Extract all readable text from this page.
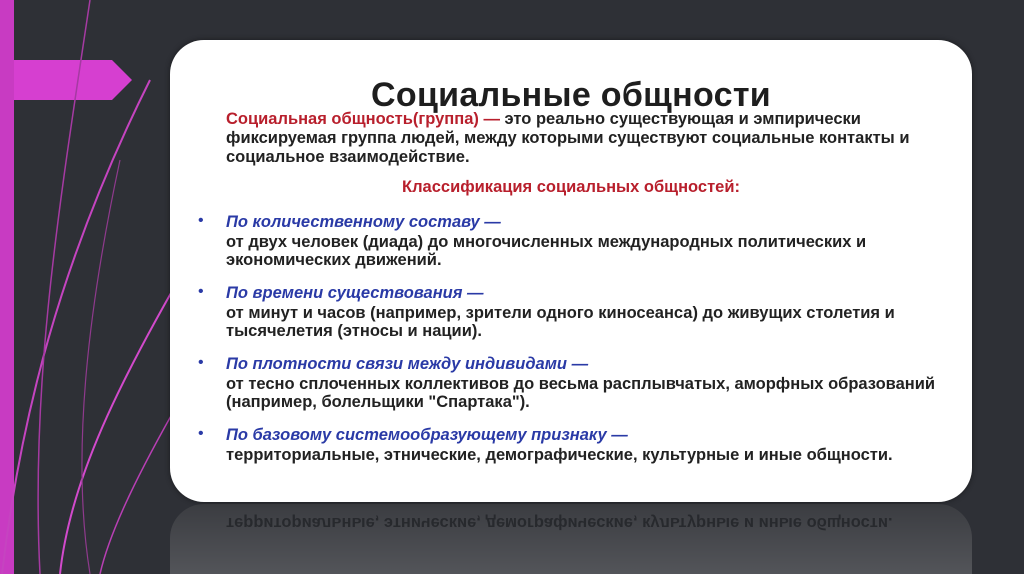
Социальные общности
Социальная общность(группа) — это реально существующая и эмпирически фиксируемая группа людей, между которыми существуют социальные контакты и социальное взаимодействие.
Классификация социальных общностей:
• По количественному составу —
от двух человек (диада) до многочисленных международных политических и экономических движений.
• По времени существования —
от минут и часов (например, зрители одного киносеанса) до живущих столетия и тысячелетия (этносы и нации).
• По плотности связи между индивидами —
от тесно сплоченных коллективов до весьма расплывчатых, аморфных образований (например, болельщики "Спартака").
• По базовому системообразующему признаку —
территориальные, этнические, демографические, культурные и иные общности.
территориальные, этнические, демографические, культурные и иные общности.
